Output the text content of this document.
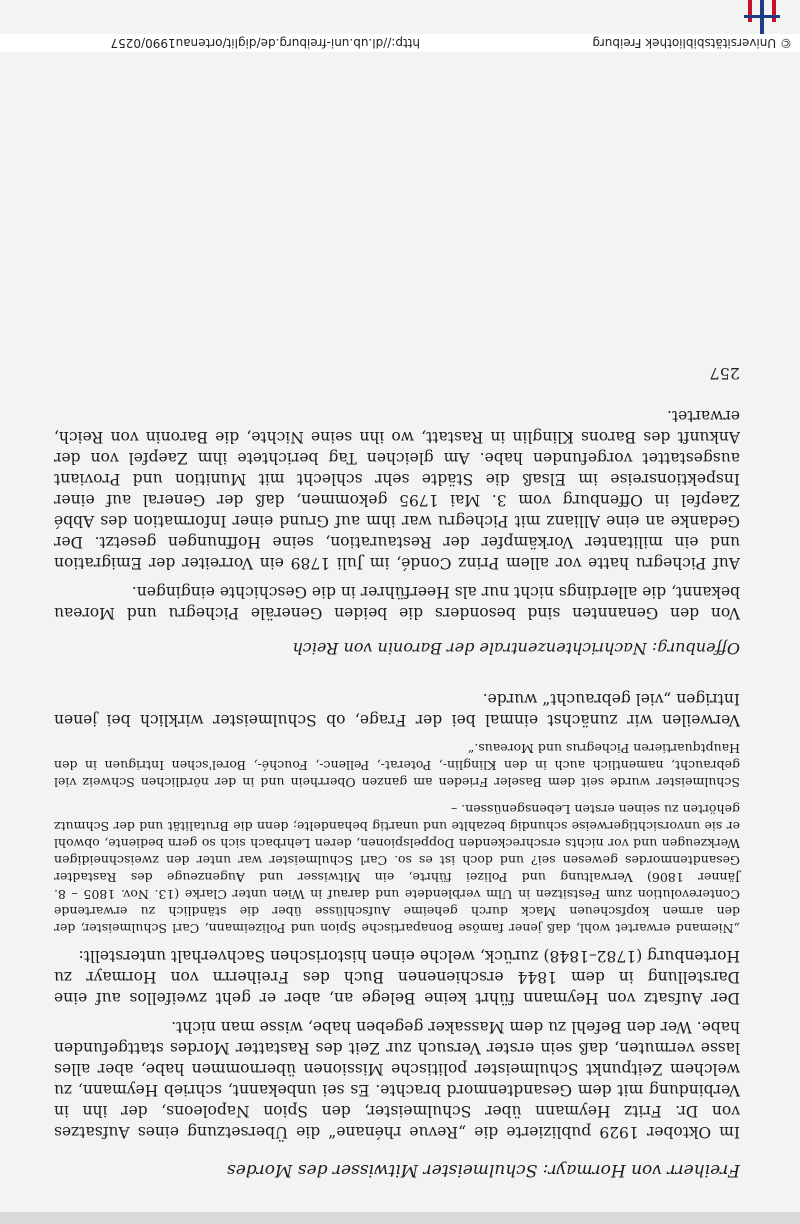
Freiherr von Hormayr: Schulmeister Mitwisser des Mordes

Im Oktober 1929 publizierte die „Revue rhénane“ die Übersetzung eines Aufsatzes von Dr. Fritz Heymann über Schulmeister, den Spion Napoleons, der ihn in Verbindung mit dem Gesandtenmord brachte. Es sei unbekannt, schrieb Heymann, zu welchem Zeitpunkt Schulmeister politische Missionen übernommen habe, aber alles lasse vermuten, daß sein erster Versuch zur Zeit des Rastatter Mordes stattgefunden habe. Wer den Befehl zu dem Massaker gegeben habe, wisse man nicht.

Der Aufsatz von Heymann führt keine Belege an, aber er geht zweifellos auf eine Darstellung in dem 1844 erschienenen Buch des Freiherrn von Hormayr zu Hortenburg (1782–1848) zurück, welche einen historischen Sachverhalt unterstellt:

„Niemand erwartet wohl, daß jener famöse Bonapartische Spion und Polizeimann, Carl Schulmeister, der den armen kopfscheuen Mack durch geheime Aufschlüsse über die ständlich zu erwartende Conterevolution zum Festsitzen in Ulm verblendete und darauf in Wien unter Clarke (13. Nov. 1805 – 8. Jänner 1806) Verwaltung und Polizei führte, ein Mitwisser und Augenzeuge des Rastadter Gesandtenmordes gewesen sei? und doch ist es so. Carl Schulmeister war unter den zweischneidigen Werkzeugen und vor nichts erschreckenden Doppelspionen, deren Lehrbach sich so gern bediente, obwohl er sie unvorsichtigerweise schundig bezahlte und unartig behandelte; denn die Brutalität und der Schmutz gehörten zu seinen ersten Lebensgenüssen. –

Schulmeister wurde seit dem Baseler Frieden am ganzen Oberrhein und in der nördlichen Schweiz viel gebraucht, namentlich auch in den Klinglin-, Poterat-, Pellenc-, Fouché-, Borel'schen Intriguen in den Hauptquartieren Pichegrus und Moreaus.“

Verweilen wir zunächst einmal bei der Frage, ob Schulmeister wirklich bei jenen Intrigen „viel gebraucht“ wurde.

Offenburg: Nachrichtenzentrale der Baronin von Reich

Von den Genannten sind besonders die beiden Generäle Pichegru und Moreau bekannt, die allerdings nicht nur als Heerführer in die Geschichte eingingen.

Auf Pichegru hatte vor allem Prinz Condé, im Juli 1789 ein Vorreiter der Emigration und ein militanter Vorkämpfer der Restauration, seine Hoffnungen gesetzt. Der Gedanke an eine Allianz mit Pichegru war ihm auf Grund einer Information des Abbé Zaepfel in Offenburg vom 3. Mai 1795 gekommen, daß der General auf einer Inspektionsreise im Elsaß die Städte sehr schlecht mit Munition und Proviant ausgestattet vorgefunden habe. Am gleichen Tag berichtete ihm Zaepfel von der Ankunft des Barons Klinglin in Rastatt, wo ihn seine Nichte, die Baronin von Reich, erwartet.

257
© Universitätsbibliothek Freiburg
http://dl.ub.uni-freiburg.de/diglit/ortenau1990/0257
